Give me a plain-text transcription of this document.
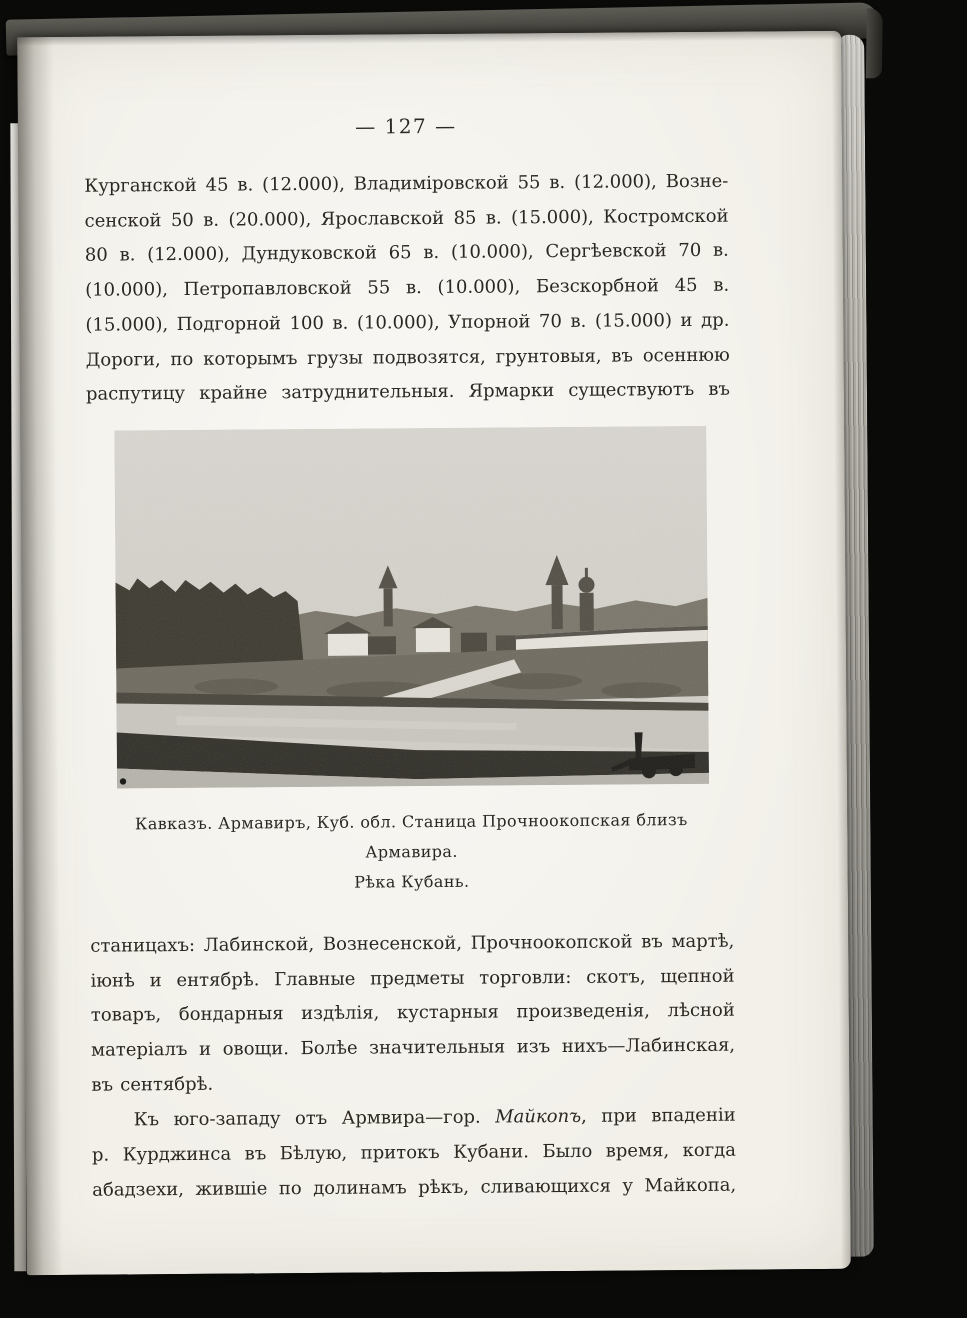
— 127 —
Курганской 45 в. (12.000), Владиміровской 55 в. (12.000), Возне-
сенской 50 в. (20.000), Ярославской 85 в. (15.000), Костромской
80 в. (12.000), Дундуковской 65 в. (10.000), Сергѣевской 70 в.
(10.000), Петропавловской 55 в. (10.000), Безскорбной 45 в.
(15.000), Подгорной 100 в. (10.000), Упорной 70 в. (15.000) и др.
Дороги, по которымъ грузы подвозятся, грунтовыя, въ осеннюю
распутицу крайне затруднительныя. Ярмарки существуютъ въ
Кавказъ. Армавиръ, Куб. обл. Станица Прочноокопская близъ Армавира.
Рѣка Кубань.
станицахъ: Лабинской, Вознесенской, Прочноокопской въ мартѣ,
іюнѣ и ентябрѣ. Главные предметы торговли: скотъ, щепной
товаръ, бондарныя издѣлія, кустарныя произведенія, лѣсной
матеріалъ и овощи. Болѣе значительныя изъ нихъ—Лабинская,
въ сентябрѣ.
Къ юго-западу отъ Армвира—гор. Майкопъ, при впаденіи
р. Курджинса въ Бѣлую, притокъ Кубани. Было время, когда
абадзехи, жившіе по долинамъ рѣкъ, сливающихся у Майкопа,
